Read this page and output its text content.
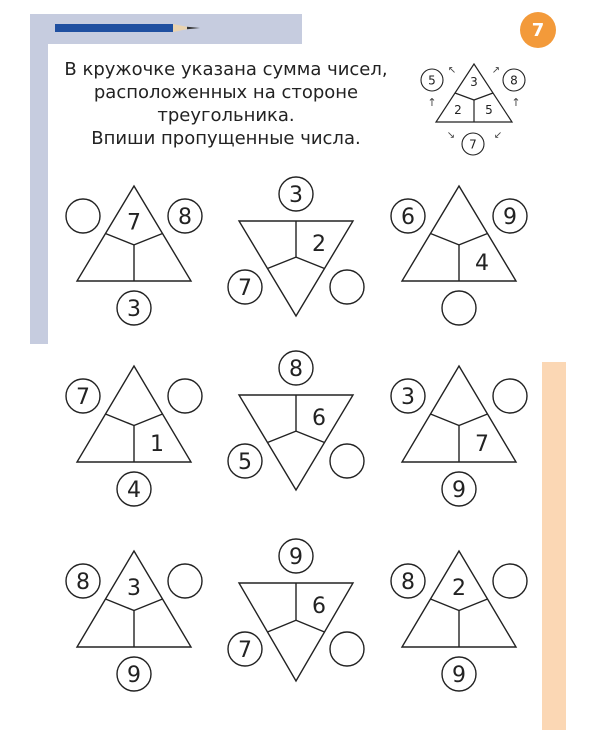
7
В кружочке указана сумма чисел,
расположенных на стороне
треугольника.
Впиши пропущенные числа.
3
2 5
5	8
7
↖	↗
↑	↑
↘	↙
7 8
3
2
3
7
4
6	9
1
7
4
6
8
5
7
3
9
3
8
9
6
9
7
2
8
9
